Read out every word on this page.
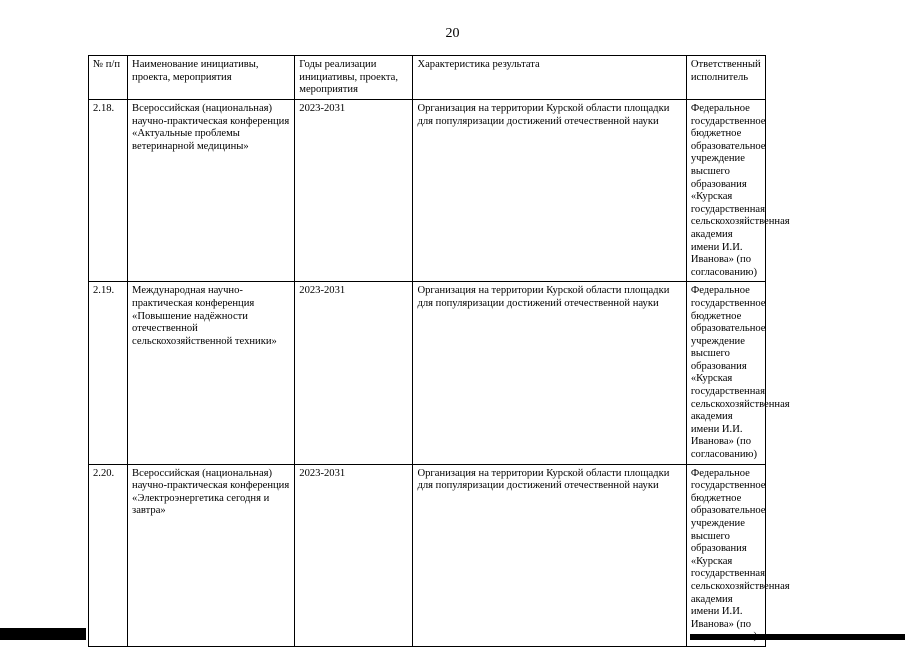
20
№ п/п	Наименование инициативы, проекта, мероприятия	Годы реализации инициативы, проекта, мероприятия	Характеристика результата	Ответственный исполнитель
2.18.	Всероссийская (национальная) научно-практическая конференция «Актуальные проблемы ветеринарной медицины»	2023-2031	Организация на территории Курской области площадки для популяризации достижений отечественной науки	Федеральное государственное бюджетное образовательное учреждение высшего образования «Курская государственная сельскохозяйственная академия имени И.И. Иванова» (по согласованию)
2.19.	Международная научно-практическая конференция «Повышение надёжности отечественной сельскохозяйственной техники»	2023-2031	Организация на территории Курской области площадки для популяризации достижений отечественной науки	Федеральное государственное бюджетное образовательное учреждение высшего образования «Курская государственная сельскохозяйственная академия имени И.И. Иванова» (по согласованию)
2.20.	Всероссийская (национальная) научно-практическая конференция «Электроэнергетика сегодня и завтра»	2023-2031	Организация на территории Курской области площадки для популяризации достижений отечественной науки	Федеральное государственное бюджетное образовательное учреждение высшего образования «Курская государственная сельскохозяйственная академия имени И.И. Иванова» (по
